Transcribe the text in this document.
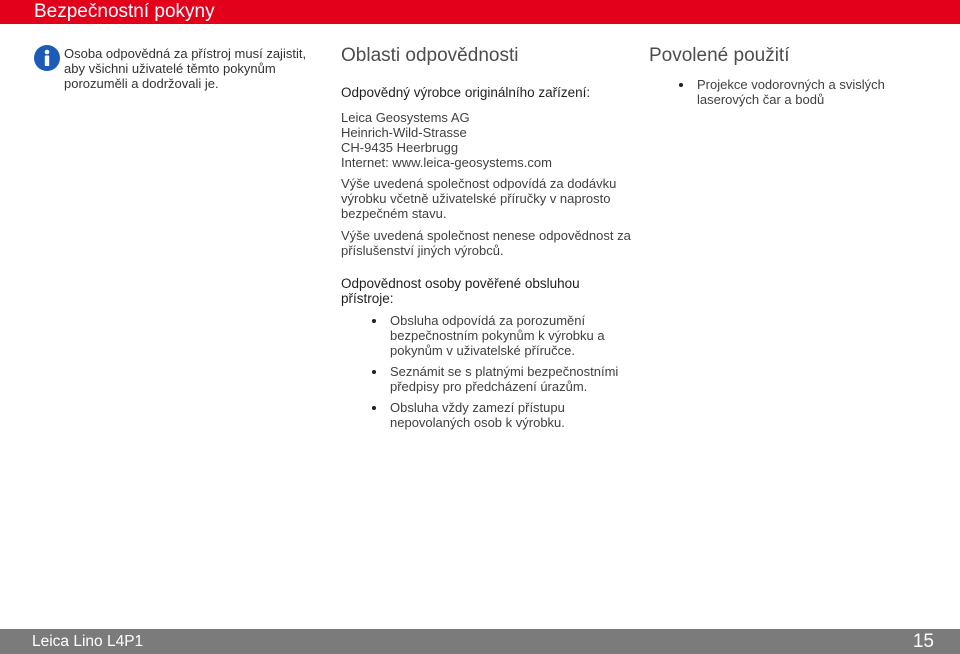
Bezpečnostní pokyny
Osoba odpovědná za přístroj musí zajistit, aby všichni uživatelé těmto pokynům porozuměli a dodržovali je.
Oblasti odpovědnosti
Odpovědný výrobce originálního zařízení:
Leica Geosystems AG
Heinrich-Wild-Strasse
CH-9435 Heerbrugg
Internet: www.leica-geosystems.com
Výše uvedená společnost odpovídá za dodávku výrobku včetně uživatelské příručky v naprosto bezpečném stavu.
Výše uvedená společnost nenese odpovědnost za příslušenství jiných výrobců.
Odpovědnost osoby pověřené obsluhou přístroje:
Obsluha odpovídá za porozumění bezpečnostním pokynům k výrobku a pokynům v uživatelské příručce.
Seznámit se s platnými bezpečnostními předpisy pro předcházení úrazům.
Obsluha vždy zamezí přístupu nepovolaných osob k výrobku.
Povolené použití
Projekce vodorovných a svislých laserových čar a bodů
Leica Lino L4P1	15
